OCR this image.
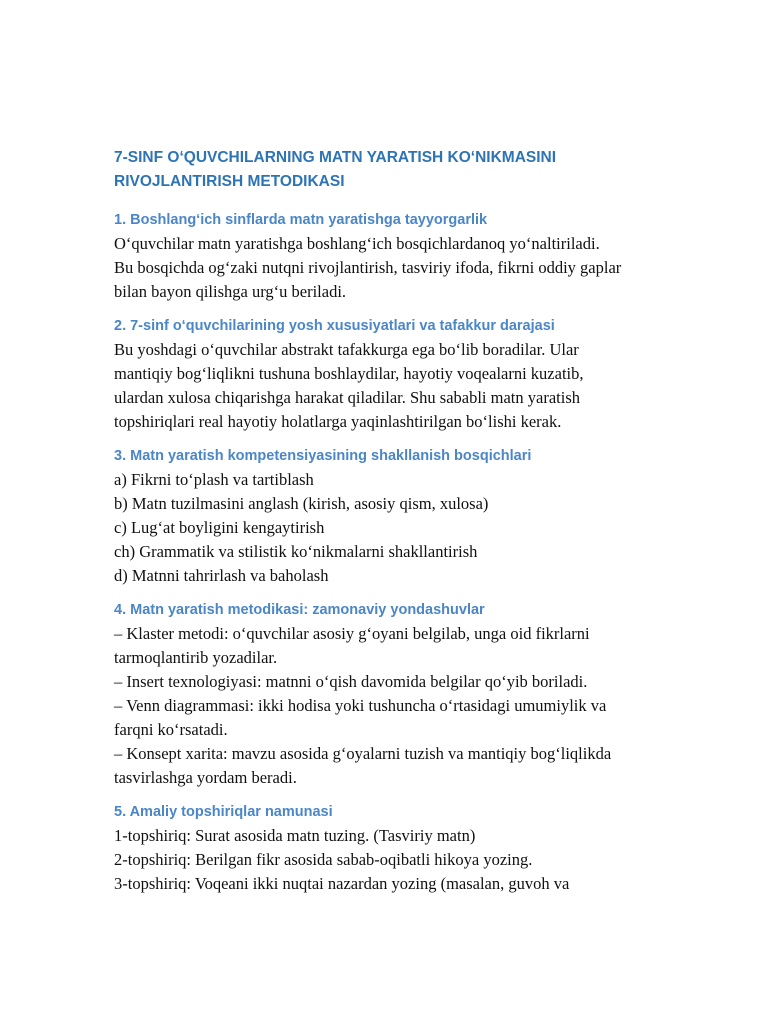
7-SINF O‘QUVCHILARNING MATN YARATISH KO‘NIKMASINI
RIVOJLANTIRISH METODIKASI
1. Boshlang‘ich sinflarda matn yaratishga tayyorgarlik

O‘quvchilar matn yaratishga boshlang‘ich bosqichlardanoq yo‘naltiriladi.
Bu bosqichda og‘zaki nutqni rivojlantirish, tasviriy ifoda, fikrni oddiy gaplar
bilan bayon qilishga urg‘u beriladi.

2. 7-sinf o‘quvchilarining yosh xususiyatlari va tafakkur darajasi

Bu yoshdagi o‘quvchilar abstrakt tafakkurga ega bo‘lib boradilar. Ular
mantiqiy bog‘liqlikni tushuna boshlaydilar, hayotiy voqealarni kuzatib,
ulardan xulosa chiqarishga harakat qiladilar. Shu sababli matn yaratish
topshiriqlari real hayotiy holatlarga yaqinlashtirilgan bo‘lishi kerak.

3. Matn yaratish kompetensiyasining shakllanish bosqichlari

a) Fikrni to‘plash va tartiblash
b) Matn tuzilmasini anglash (kirish, asosiy qism, xulosa)
c) Lug‘at boyligini kengaytirish
ch) Grammatik va stilistik ko‘nikmalarni shakllantirish
d) Matnni tahrirlash va baholash

4. Matn yaratish metodikasi: zamonaviy yondashuvlar

– Klaster metodi: o‘quvchilar asosiy g‘oyani belgilab, unga oid fikrlarni
tarmoqlantirib yozadilar.
– Insert texnologiyasi: matnni o‘qish davomida belgilar qo‘yib boriladi.
– Venn diagrammasi: ikki hodisa yoki tushuncha o‘rtasidagi umumiylik va
farqni ko‘rsatadi.
– Konsept xarita: mavzu asosida g‘oyalarni tuzish va mantiqiy bog‘liqlikda
tasvirlashga yordam beradi.

5. Amaliy topshiriqlar namunasi

1-topshiriq: Surat asosida matn tuzing. (Tasviriy matn)
2-topshiriq: Berilgan fikr asosida sabab-oqibatli hikoya yozing.
3-topshiriq: Voqeani ikki nuqtai nazardan yozing (masalan, guvoh va
